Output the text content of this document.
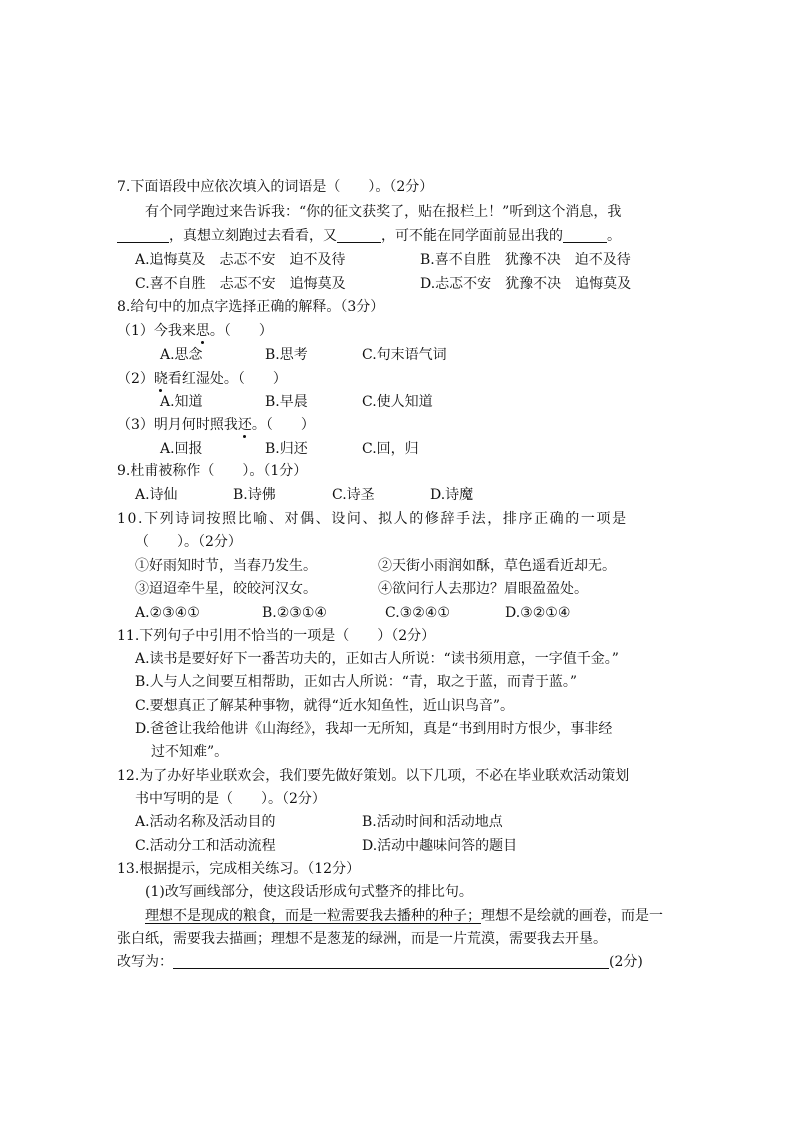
7.下面语段中应依次填入的词语是（　　）。（2分）
有个同学跑过来告诉我：“你的征文获奖了，贴在报栏上！”听到这个消息，我
，真想立刻跑过去看看，又	，可不能在同学面前显出我的	。
A.追悔莫及　忐忑不安　迫不及待	B.喜不自胜　犹豫不决　迫不及待
C.喜不自胜　忐忑不安　追悔莫及	D.忐忑不安　犹豫不决　追悔莫及
8.给句中的加点字选择正确的解释。（3分）
（1）今我来思。（　　）
A.思念	B.思考	C.句末语气词
（2）晓看红湿处。（　　）
A.知道	B.早晨	C.使人知道
（3）明月何时照我还。（　　）
A.回报	B.归还	C.回，归
9.杜甫被称作（　　）。（1分）
A.诗仙	B.诗佛	C.诗圣	D.诗魔
10.下列诗词按照比喻、对偶、设问、拟人的修辞手法，排序正确的一项是
（　　）。（2分）
①好雨知时节，当春乃发生。	②天街小雨润如酥，草色遥看近却无。
③迢迢牵牛星，皎皎河汉女。	④欲问行人去那边？眉眼盈盈处。
A.②③④①	B.②③①④	C.③②④①	D.③②①④
11.下列句子中引用不恰当的一项是（　　）（2分）
A.读书是要好好下一番苦功夫的，正如古人所说：“读书须用意，一字值千金。”
B.人与人之间要互相帮助，正如古人所说：“青，取之于蓝，而青于蓝。”
C.要想真正了解某种事物，就得“近水知鱼性，近山识鸟音”。
D.爸爸让我给他讲《山海经》，我却一无所知，真是“书到用时方恨少，事非经
过不知难”。
12.为了办好毕业联欢会，我们要先做好策划。以下几项，不必在毕业联欢活动策划
书中写明的是（　　）。（2分）
A.活动名称及活动目的	B.活动时间和活动地点
C.活动分工和活动流程	D.活动中趣味问答的题目
13.根据提示，完成相关练习。（12分）
(1)改写画线部分，使这段话形成句式整齐的排比句。
理想不是现成的粮食，而是一粒需要我去播种的种子；理想不是绘就的画卷，而是一
张白纸，需要我去描画；理想不是葱茏的绿洲，而是一片荒漠，需要我去开垦。
改写为：	(2分)
